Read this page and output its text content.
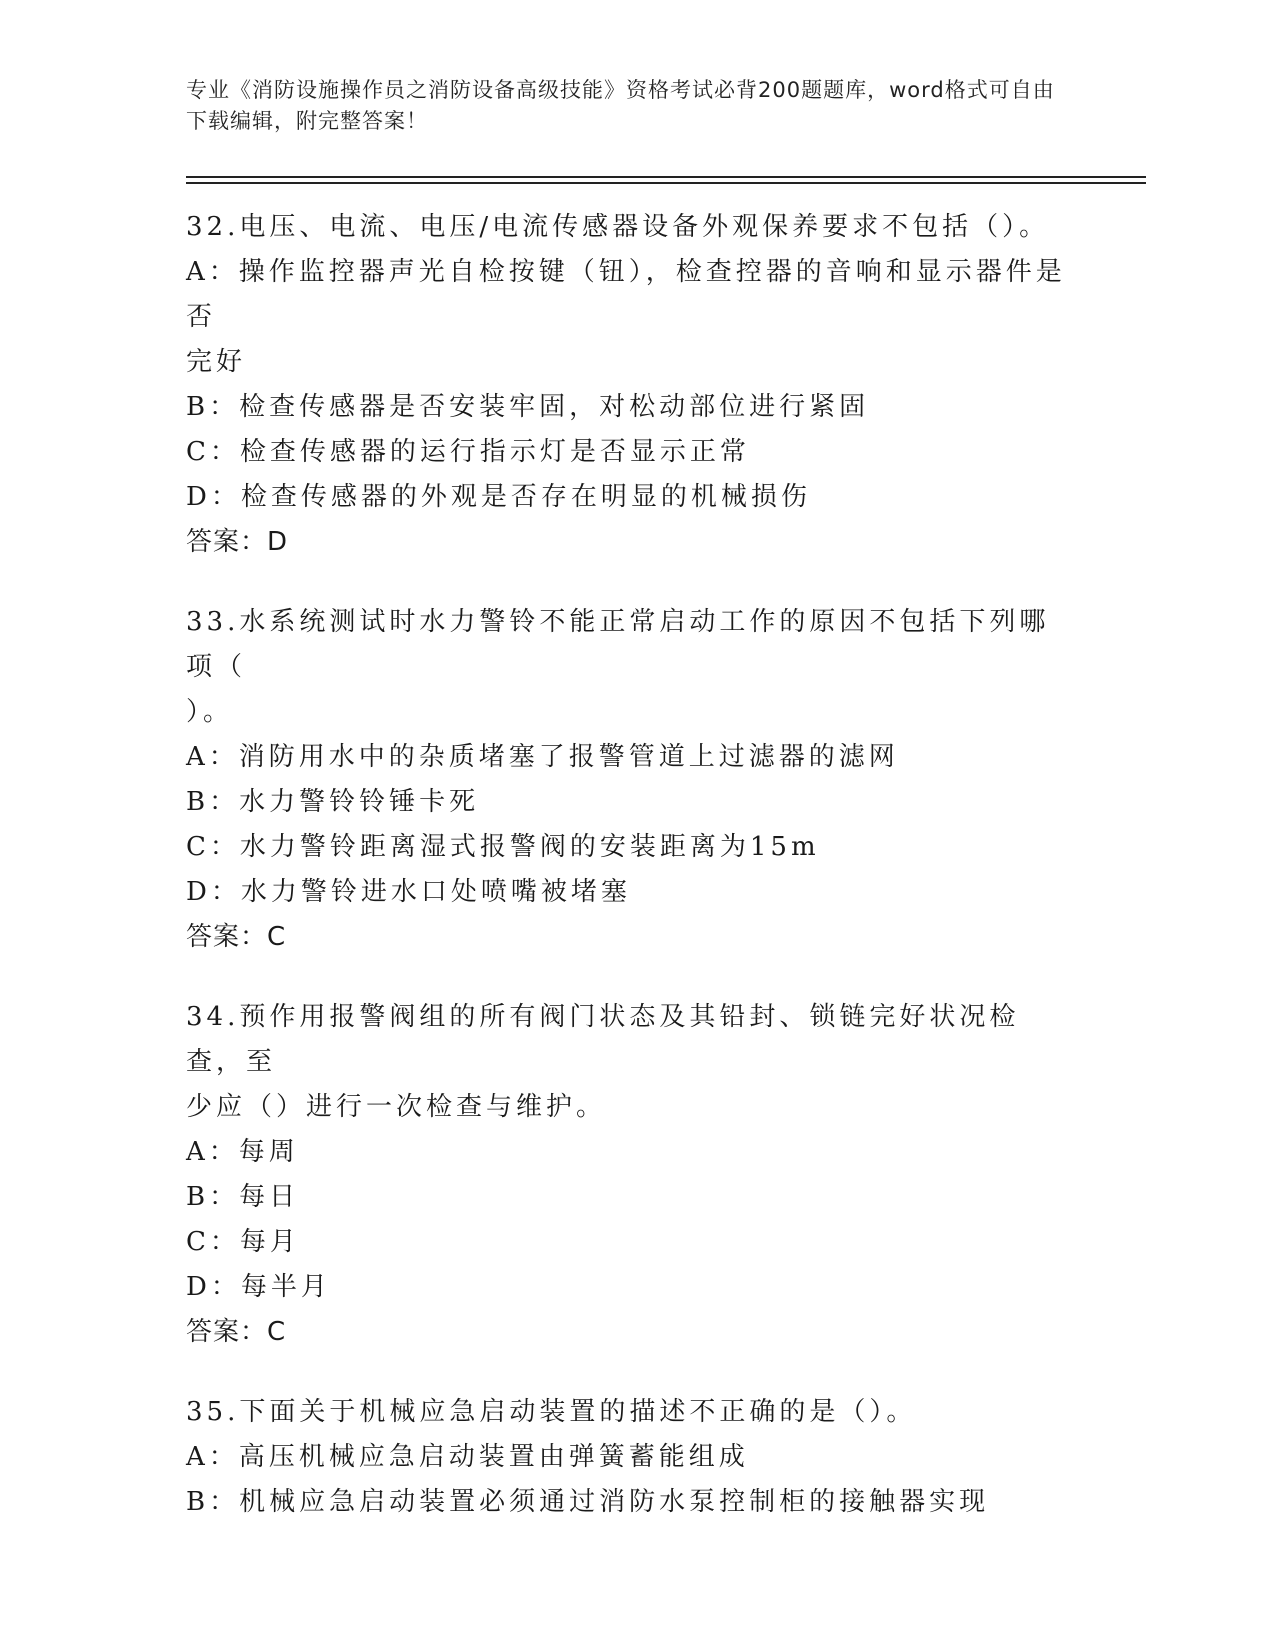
专业《消防设施操作员之消防设备高级技能》资格考试必背200题题库，word格式可自由下载编辑，附完整答案！
32.电压、电流、电压/电流传感器设备外观保养要求不包括（）。
A：操作监控器声光自检按键（钮），检查控器的音响和显示器件是否
完好
B：检查传感器是否安装牢固，对松动部位进行紧固
C：检查传感器的运行指示灯是否显示正常
D：检查传感器的外观是否存在明显的机械损伤
答案：D
33.水系统测试时水力警铃不能正常启动工作的原因不包括下列哪项（
）。
A：消防用水中的杂质堵塞了报警管道上过滤器的滤网
B：水力警铃铃锤卡死
C：水力警铃距离湿式报警阀的安装距离为15m
D：水力警铃进水口处喷嘴被堵塞
答案：C
34.预作用报警阀组的所有阀门状态及其铅封、锁链完好状况检查，至
少应（）进行一次检查与维护。
A：每周
B：每日
C：每月
D：每半月
答案：C
35.下面关于机械应急启动装置的描述不正确的是（）。
A：高压机械应急启动装置由弹簧蓄能组成
B：机械应急启动装置必须通过消防水泵控制柜的接触器实现
